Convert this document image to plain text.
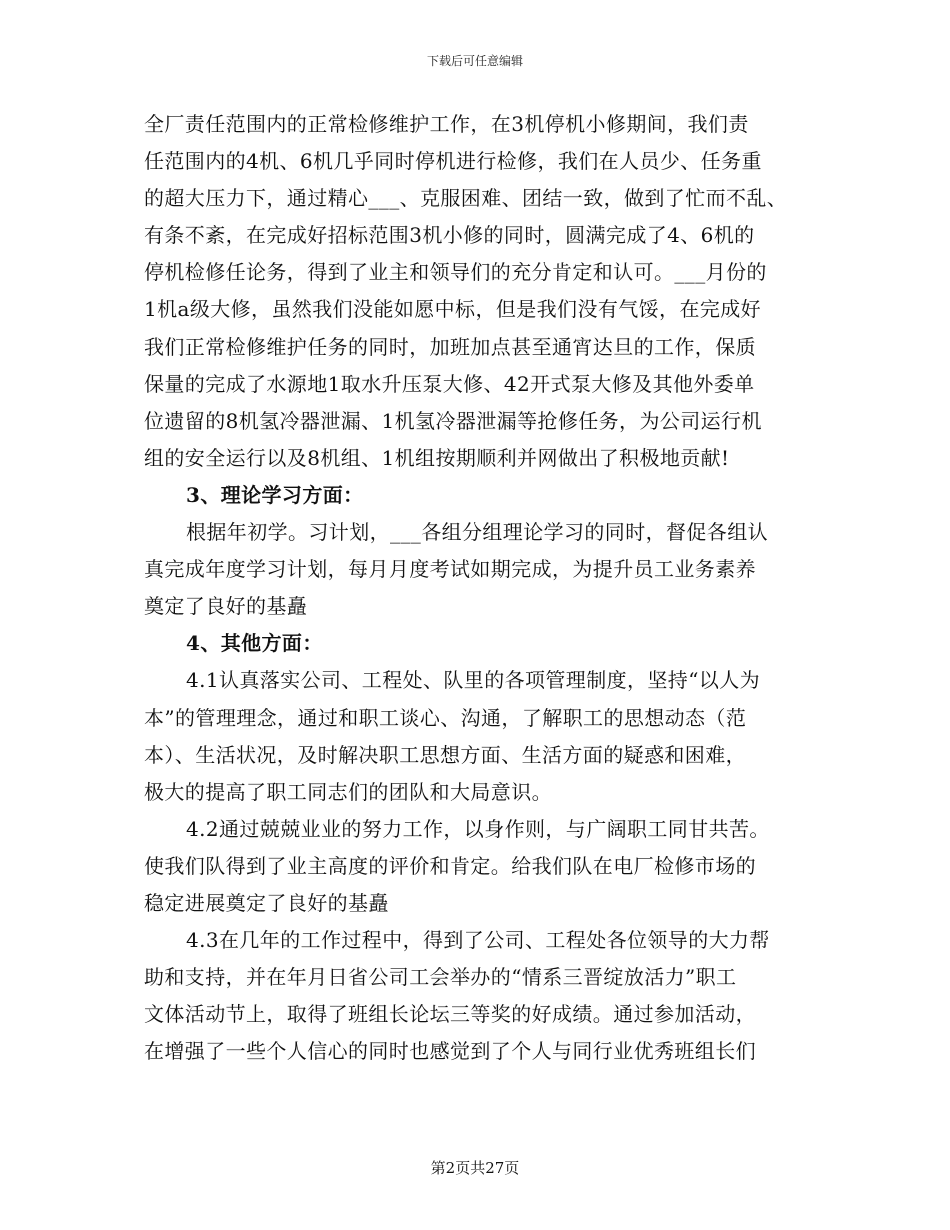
下载后可任意编辑
全厂责任范围内的正常检修维护工作，在3机停机小修期间，我们责
任范围内的4机、6机几乎同时停机进行检修，我们在人员少、任务重
的超大压力下，通过精心___、克服困难、团结一致，做到了忙而不乱、
有条不紊，在完成好招标范围3机小修的同时，圆满完成了4、6机的
停机检修任论务，得到了业主和领导们的充分肯定和认可。___月份的
1机a级大修，虽然我们没能如愿中标，但是我们没有气馁，在完成好
我们正常检修维护任务的同时，加班加点甚至通宵达旦的工作，保质
保量的完成了水源地1取水升压泵大修、42开式泵大修及其他外委单
位遗留的8机氢冷器泄漏、1机氢冷器泄漏等抢修任务，为公司运行机
组的安全运行以及8机组、1机组按期顺利并网做出了积极地贡献!
3、理论学习方面：
根据年初学。习计划，___各组分组理论学习的同时，督促各组认
真完成年度学习计划，每月月度考试如期完成，为提升员工业务素养
奠定了良好的基矗
4、其他方面：
4.1认真落实公司、工程处、队里的各项管理制度，坚持“以人为
本”的管理理念，通过和职工谈心、沟通，了解职工的思想动态（范
本）、生活状况，及时解决职工思想方面、生活方面的疑惑和困难，
极大的提高了职工同志们的团队和大局意识。
4.2通过兢兢业业的努力工作，以身作则，与广阔职工同甘共苦。
使我们队得到了业主高度的评价和肯定。给我们队在电厂检修市场的
稳定进展奠定了良好的基矗
4.3在几年的工作过程中，得到了公司、工程处各位领导的大力帮
助和支持，并在年月日省公司工会举办的“情系三晋绽放活力”职工
文体活动节上，取得了班组长论坛三等奖的好成绩。通过参加活动，
在增强了一些个人信心的同时也感觉到了个人与同行业优秀班组长们
第2页共27页
